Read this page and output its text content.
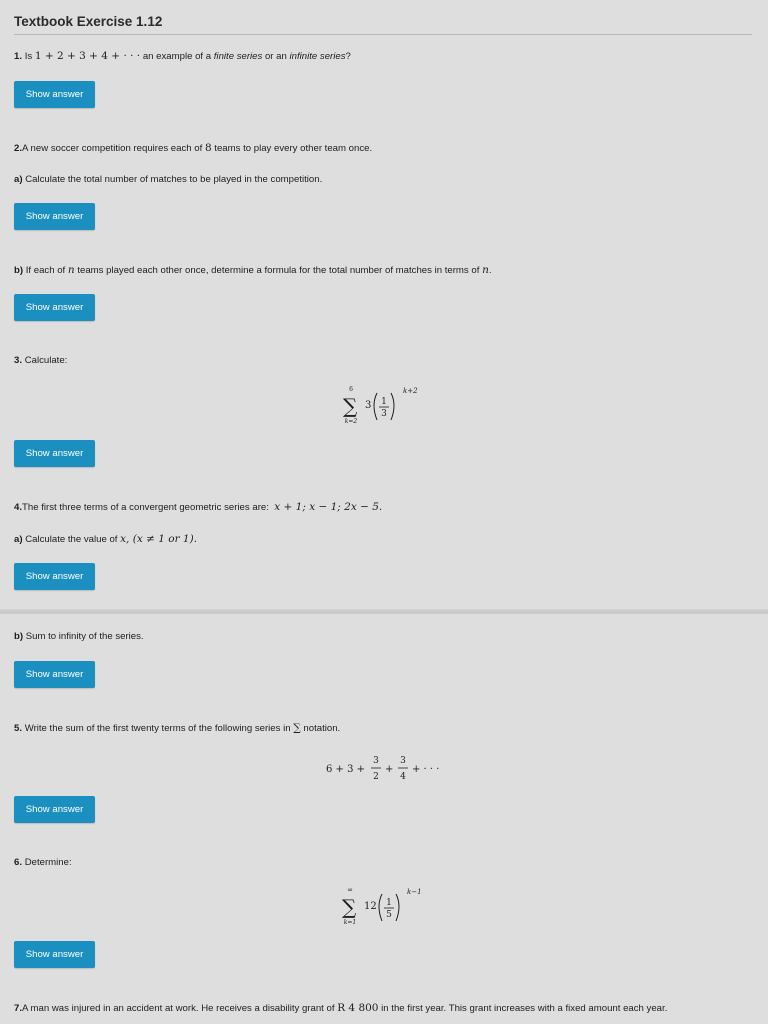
Textbook Exercise 1.12

1. Is 1 + 2 + 3 + 4 + · · · an example of a finite series or an infinite series?

Show answer

2.A new soccer competition requires each of 8 teams to play every other team once.

a) Calculate the total number of matches to be played in the competition.

Show answer

b) If each of n teams played each other once, determine a formula for the total number of matches in terms of n.

Show answer

3. Calculate:

6
∑
k=2
3 1
3
k+2
Show answer

4.The first three terms of a convergent geometric series are: x + 1; x − 1; 2x − 5.

a) Calculate the value of x, (x ≠ 1 or 1).

Show answer

b) Sum to infinity of the series.

Show answer

5. Write the sum of the first twenty terms of the following series in ∑ notation.

6 + 3 +
3
2
+
3
4
+ · · ·
Show answer

6. Determine:

∞
∑
k=1
12 1
5
k−1
Show answer

7.A man was injured in an accident at work. He receives a disability grant of R 4 800 in the first year. This grant increases with a fixed amount each year.
